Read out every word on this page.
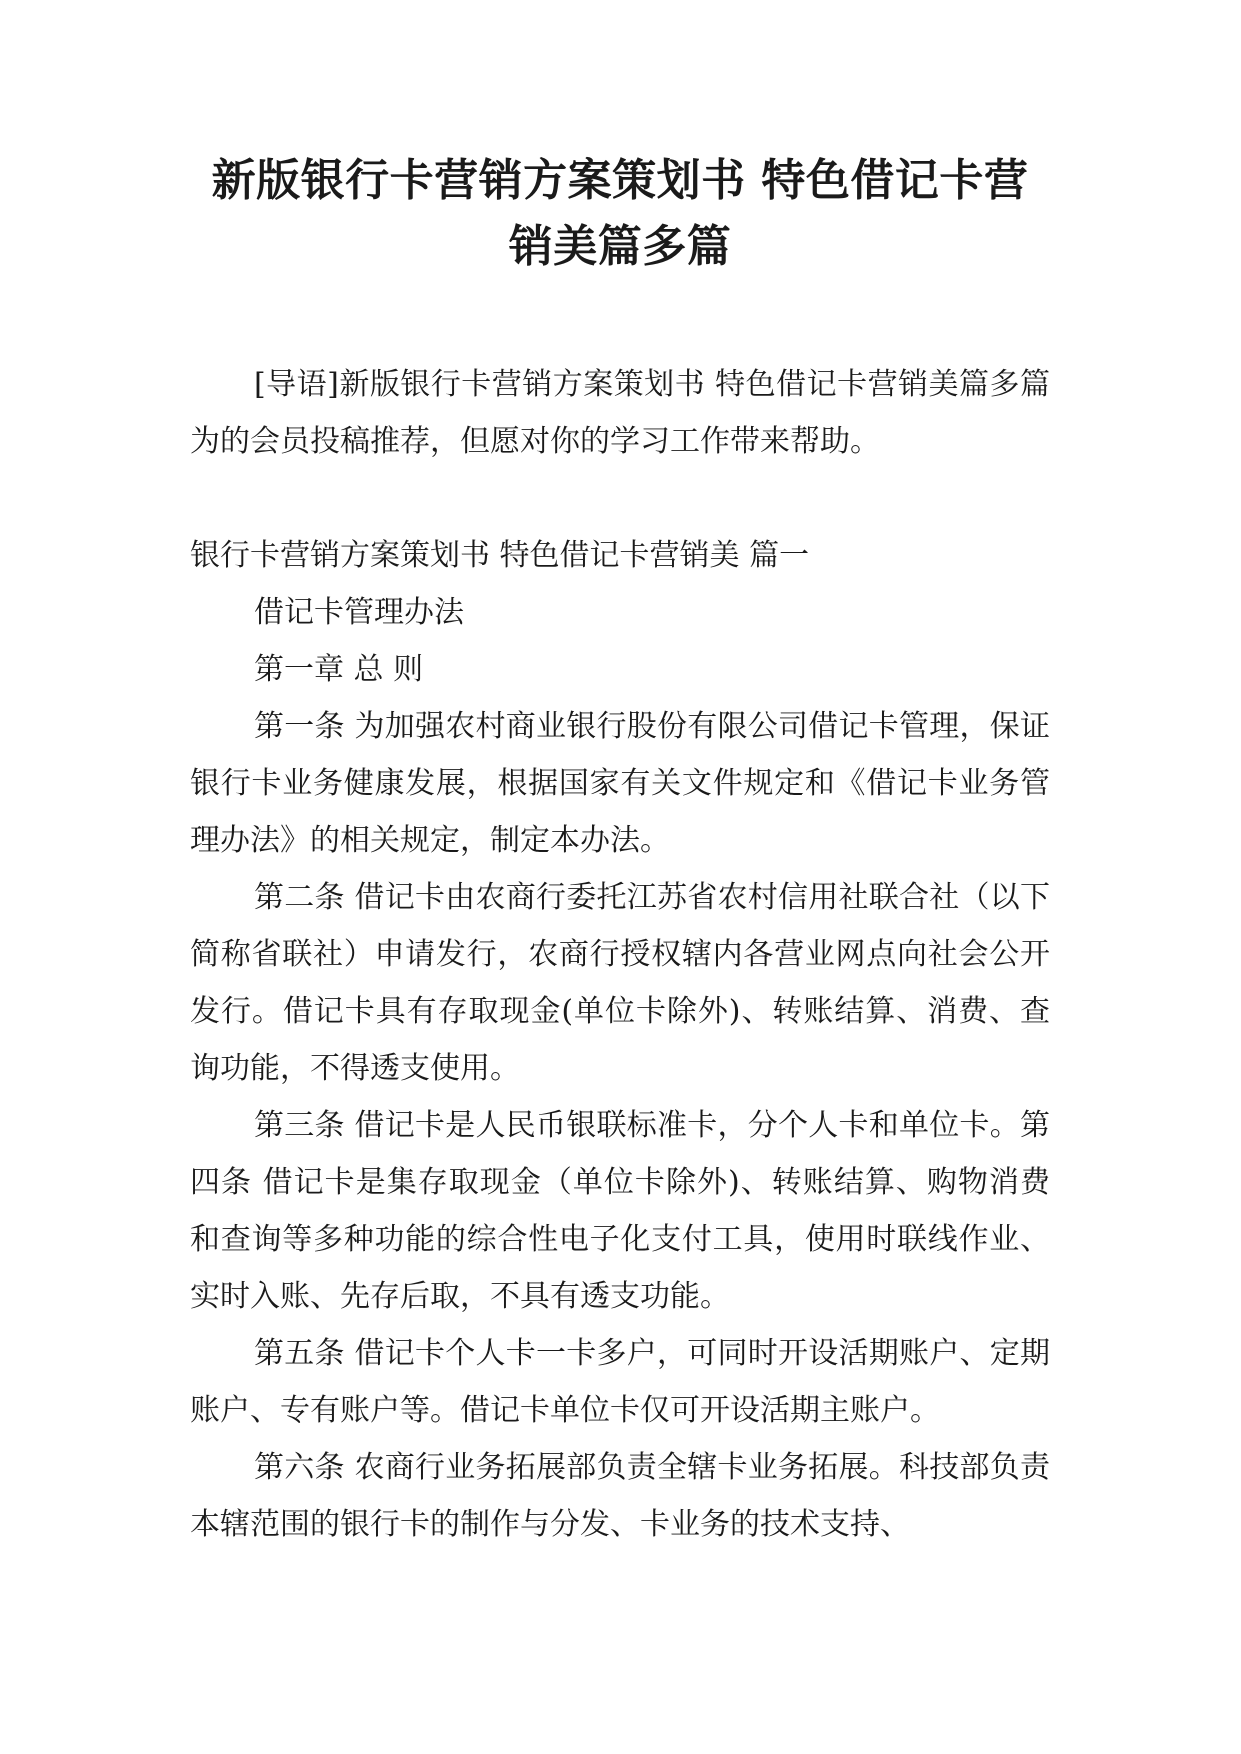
新版银行卡营销方案策划书 特色借记卡营
销美篇多篇

[导语]新版银行卡营销方案策划书 特色借记卡营销美篇多篇为的会员投稿推荐，但愿对你的学习工作带来帮助。

银行卡营销方案策划书 特色借记卡营销美 篇一

借记卡管理办法

第一章 总 则

第一条 为加强农村商业银行股份有限公司借记卡管理，保证银行卡业务健康发展，根据国家有关文件规定和《借记卡业务管理办法》的相关规定，制定本办法。

第二条 借记卡由农商行委托江苏省农村信用社联合社（以下简称省联社）申请发行，农商行授权辖内各营业网点向社会公开发行。借记卡具有存取现金(单位卡除外)、转账结算、消费、查询功能，不得透支使用。

第三条 借记卡是人民币银联标准卡，分个人卡和单位卡。第四条 借记卡是集存取现金（单位卡除外)、转账结算、购物消费和查询等多种功能的综合性电子化支付工具，使用时联线作业、实时入账、先存后取，不具有透支功能。

第五条 借记卡个人卡一卡多户，可同时开设活期账户、定期账户、专有账户等。借记卡单位卡仅可开设活期主账户。

第六条 农商行业务拓展部负责全辖卡业务拓展。科技部负责本辖范围的银行卡的制作与分发、卡业务的技术支持、
